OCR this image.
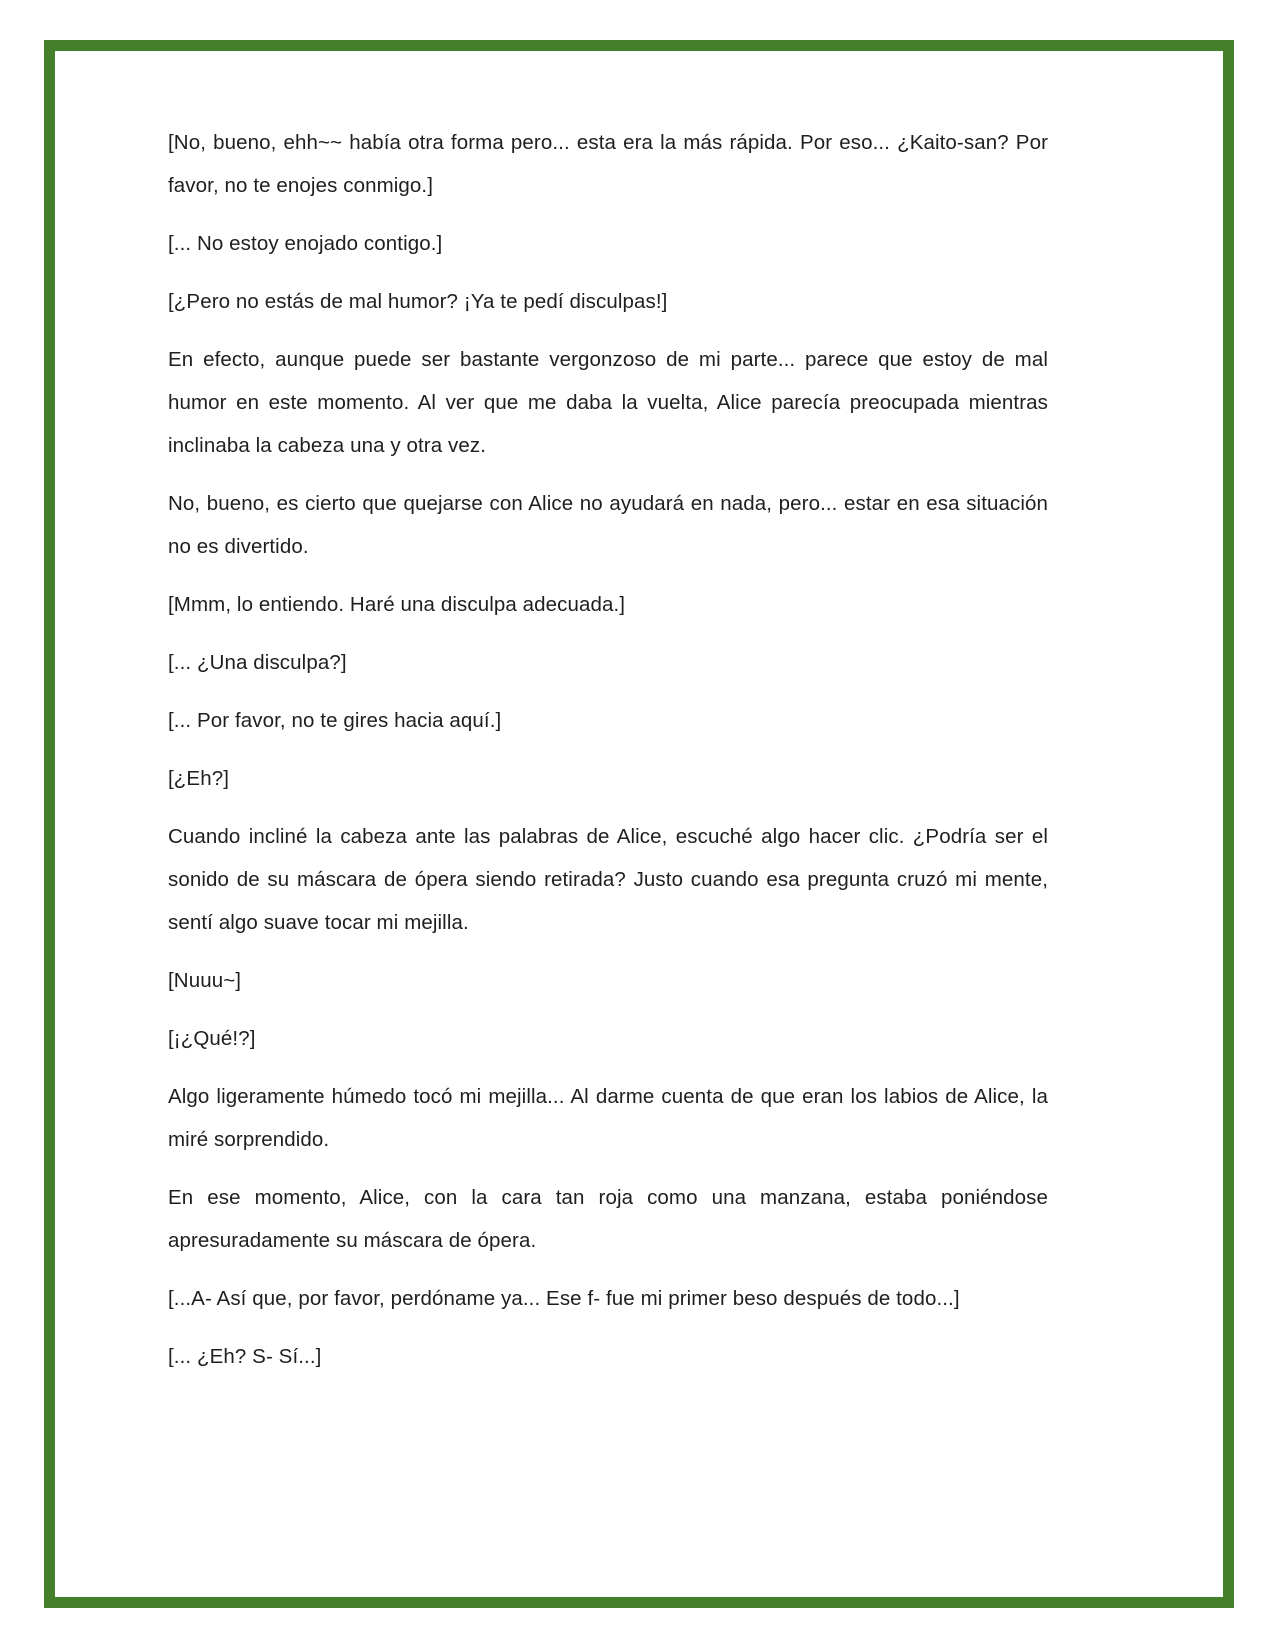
[No, bueno, ehh~~ había otra forma pero... esta era la más rápida. Por eso... ¿Kaito-san? Por favor, no te enojes conmigo.]

[... No estoy enojado contigo.]

[¿Pero no estás de mal humor? ¡Ya te pedí disculpas!]

En efecto, aunque puede ser bastante vergonzoso de mi parte... parece que estoy de mal humor en este momento. Al ver que me daba la vuelta, Alice parecía preocupada mientras inclinaba la cabeza una y otra vez.

No, bueno, es cierto que quejarse con Alice no ayudará en nada, pero... estar en esa situación no es divertido.

[Mmm, lo entiendo. Haré una disculpa adecuada.]

[... ¿Una disculpa?]

[... Por favor, no te gires hacia aquí.]

[¿Eh?]

Cuando incliné la cabeza ante las palabras de Alice, escuché algo hacer clic. ¿Podría ser el sonido de su máscara de ópera siendo retirada? Justo cuando esa pregunta cruzó mi mente, sentí algo suave tocar mi mejilla.

[Nuuu~]

[¡¿Qué!?]

Algo ligeramente húmedo tocó mi mejilla... Al darme cuenta de que eran los labios de Alice, la miré sorprendido.

En ese momento, Alice, con la cara tan roja como una manzana, estaba poniéndose apresuradamente su máscara de ópera.

[...A- Así que, por favor, perdóname ya... Ese f- fue mi primer beso después de todo...]

[... ¿Eh? S- Sí...]
